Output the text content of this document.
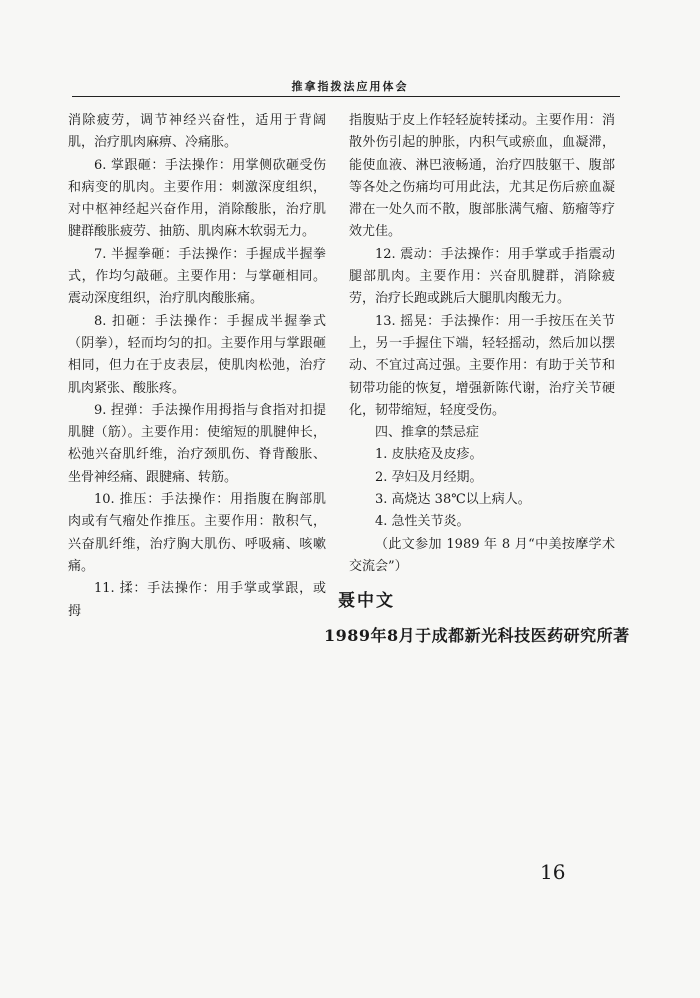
推拿指拨法应用体会

消除疲劳，调节神经兴奋性，适用于背阔肌，治疗肌肉麻痹、冷痛胀。

6. 掌跟砸：手法操作：用掌侧砍砸受伤和病变的肌肉。主要作用：刺激深度组织，对中枢神经起兴奋作用，消除酸胀，治疗肌腱群酸胀疲劳、抽筋、肌肉麻木软弱无力。

7. 半握拳砸：手法操作：手握成半握拳式，作均匀敲砸。主要作用：与掌砸相同。震动深度组织，治疗肌肉酸胀痛。

8. 扣砸：手法操作：手握成半握拳式（阴拳），轻而均匀的扣。主要作用与掌跟砸相同，但力在于皮表层，使肌肉松弛，治疗肌肉紧张、酸胀疼。

9. 捏弹：手法操作用拇指与食指对扣提肌腱（筋）。主要作用：使缩短的肌腱伸长，松弛兴奋肌纤维，治疗颈肌伤、脊背酸胀、坐骨神经痛、跟腱痛、转筋。

10. 推压：手法操作：用指腹在胸部肌肉或有气瘤处作推压。主要作用：散积气，兴奋肌纤维，治疗胸大肌伤、呼吸痛、咳嗽痛。

11. 揉：手法操作：用手掌或掌跟，或拇

指腹贴于皮上作轻轻旋转揉动。主要作用：消散外伤引起的肿胀，内积气或瘀血，血凝滞，能使血液、淋巴液畅通，治疗四肢躯干、腹部等各处之伤痛均可用此法，尤其足伤后瘀血凝滞在一处久而不散，腹部胀满气瘤、筋瘤等疗效尤佳。

12. 震动：手法操作：用手掌或手指震动腿部肌肉。主要作用：兴奋肌腱群，消除疲劳，治疗长跑或跳后大腿肌肉酸无力。

13. 摇晃：手法操作：用一手按压在关节上，另一手握住下端，轻轻摇动，然后加以摆动、不宜过高过强。主要作用：有助于关节和韧带功能的恢复，增强新陈代谢，治疗关节硬化，韧带缩短，轻度受伤。

四、推拿的禁忌症

1. 皮肤疮及皮疹。

2. 孕妇及月经期。

3. 高烧达 38℃以上病人。

4. 急性关节炎。

（此文参加 1989 年 8 月“中美按摩学术交流会”）

聂中文
1989年8月于成都新光科技医药研究所著
16
